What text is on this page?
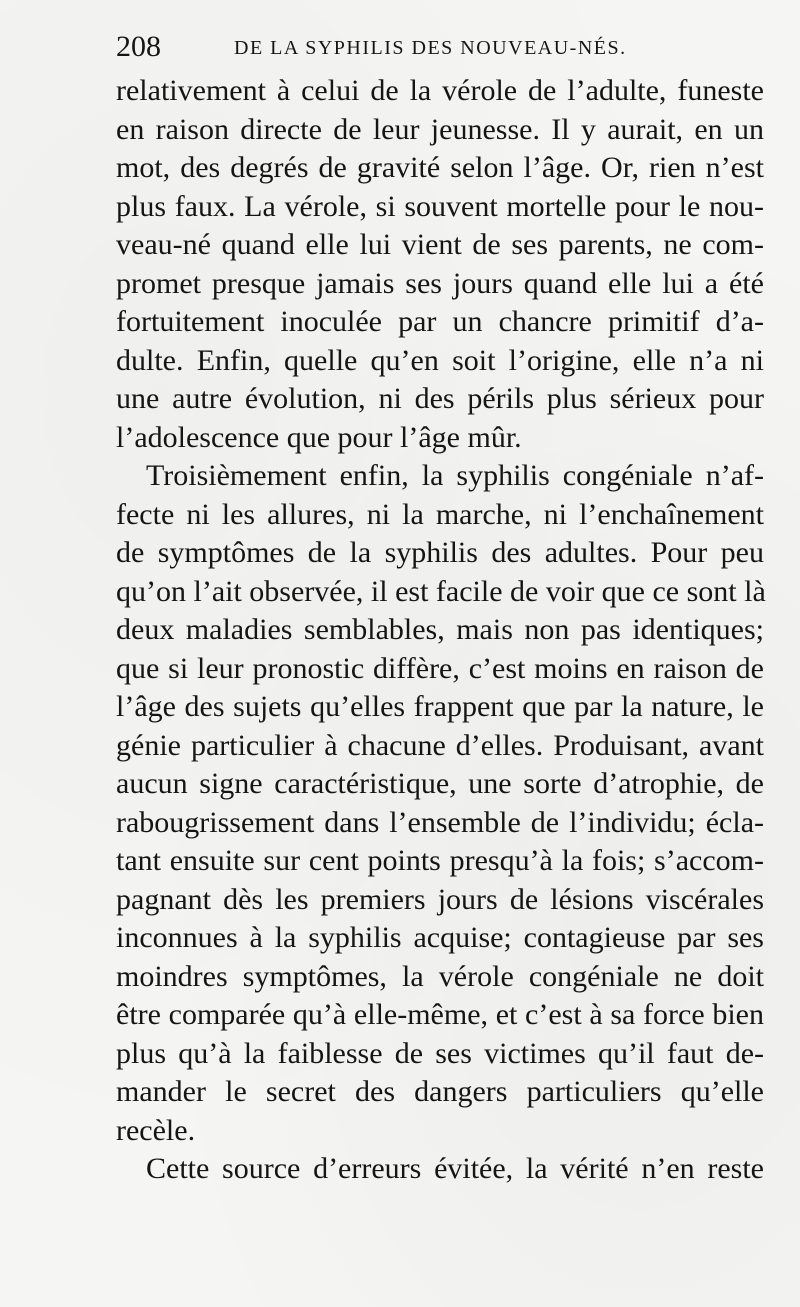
208	DE LA SYPHILIS DES NOUVEAU-NÉS.
relativement à celui de la vérole de l’adulte, funeste
en raison directe de leur jeunesse. Il y aurait, en un
mot, des degrés de gravité selon l’âge. Or, rien n’est
plus faux. La vérole, si souvent mortelle pour le nou-
veau-né quand elle lui vient de ses parents, ne com-
promet presque jamais ses jours quand elle lui a été
fortuitement inoculée par un chancre primitif d’a-
dulte. Enfin, quelle qu’en soit l’origine, elle n’a ni
une autre évolution, ni des périls plus sérieux pour
l’adolescence que pour l’âge mûr.
Troisièmement enfin, la syphilis congéniale n’af-
fecte ni les allures, ni la marche, ni l’enchaînement
de symptômes de la syphilis des adultes. Pour peu
qu’on l’ait observée, il est facile de voir que ce sont là
deux maladies semblables, mais non pas identiques;
que si leur pronostic diffère, c’est moins en raison de
l’âge des sujets qu’elles frappent que par la nature, le
génie particulier à chacune d’elles. Produisant, avant
aucun signe caractéristique, une sorte d’atrophie, de
rabougrissement dans l’ensemble de l’individu; écla-
tant ensuite sur cent points presqu’à la fois; s’accom-
pagnant dès les premiers jours de lésions viscérales
inconnues à la syphilis acquise; contagieuse par ses
moindres symptômes, la vérole congéniale ne doit
être comparée qu’à elle-même, et c’est à sa force bien
plus qu’à la faiblesse de ses victimes qu’il faut de-
mander le secret des dangers particuliers qu’elle
recèle.
Cette source d’erreurs évitée, la vérité n’en reste
